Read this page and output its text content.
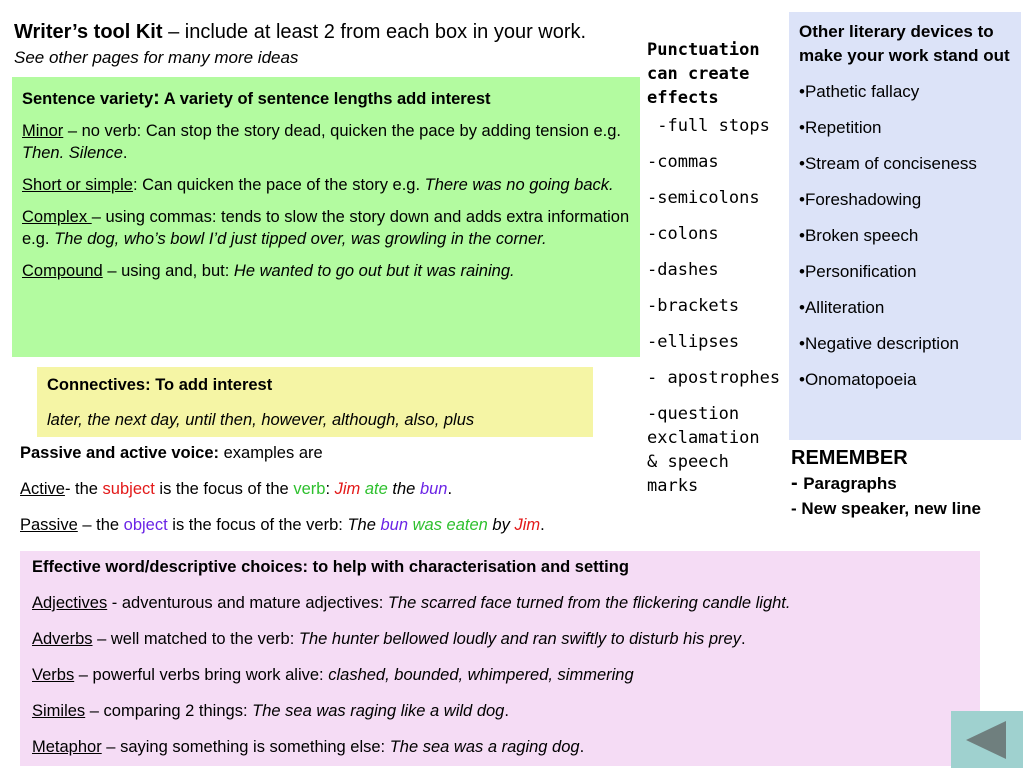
Writer’s tool Kit – include at least 2 from each box in your work. See other pages for many more ideas

Sentence variety: A variety of sentence lengths add interest

Minor – no verb: Can stop the story dead, quicken the pace by adding tension e.g. Then. Silence.

Short or simple: Can quicken the pace of the story e.g. There was no going back.

Complex – using commas: tends to slow the story down and adds extra information e.g. The dog, who’s bowl I’d just tipped over, was growling in the corner.

Compound – using and, but: He wanted to go out but it was raining.

Connectives: To add interest

later, the next day, until then, however, although, also, plus

Passive and active voice: examples are

Active- the subject is the focus of the verb: Jim ate the bun.

Passive – the object is the focus of the verb: The bun was eaten by Jim.

Punctuation can create effects

-full stops

-commas

-semicolons

-colons

-dashes

-brackets

-ellipses

- apostrophes

-question exclamation & speech marks

Other literary devices to make your work stand out

•Pathetic fallacy

•Repetition

•Stream of conciseness

•Foreshadowing

•Broken speech

•Personification

•Alliteration

•Negative description

•Onomatopoeia

REMEMBER

- Paragraphs

- New speaker, new line

Effective word/descriptive choices: to help with characterisation and setting

Adjectives - adventurous and mature adjectives: The scarred face turned from the flickering candle light.

Adverbs – well matched to the verb: The hunter bellowed loudly and ran swiftly to disturb his prey.

Verbs – powerful verbs bring work alive: clashed, bounded, whimpered, simmering

Similes – comparing 2 things: The sea was raging like a wild dog.

Metaphor – saying something is something else: The sea was a raging dog.
